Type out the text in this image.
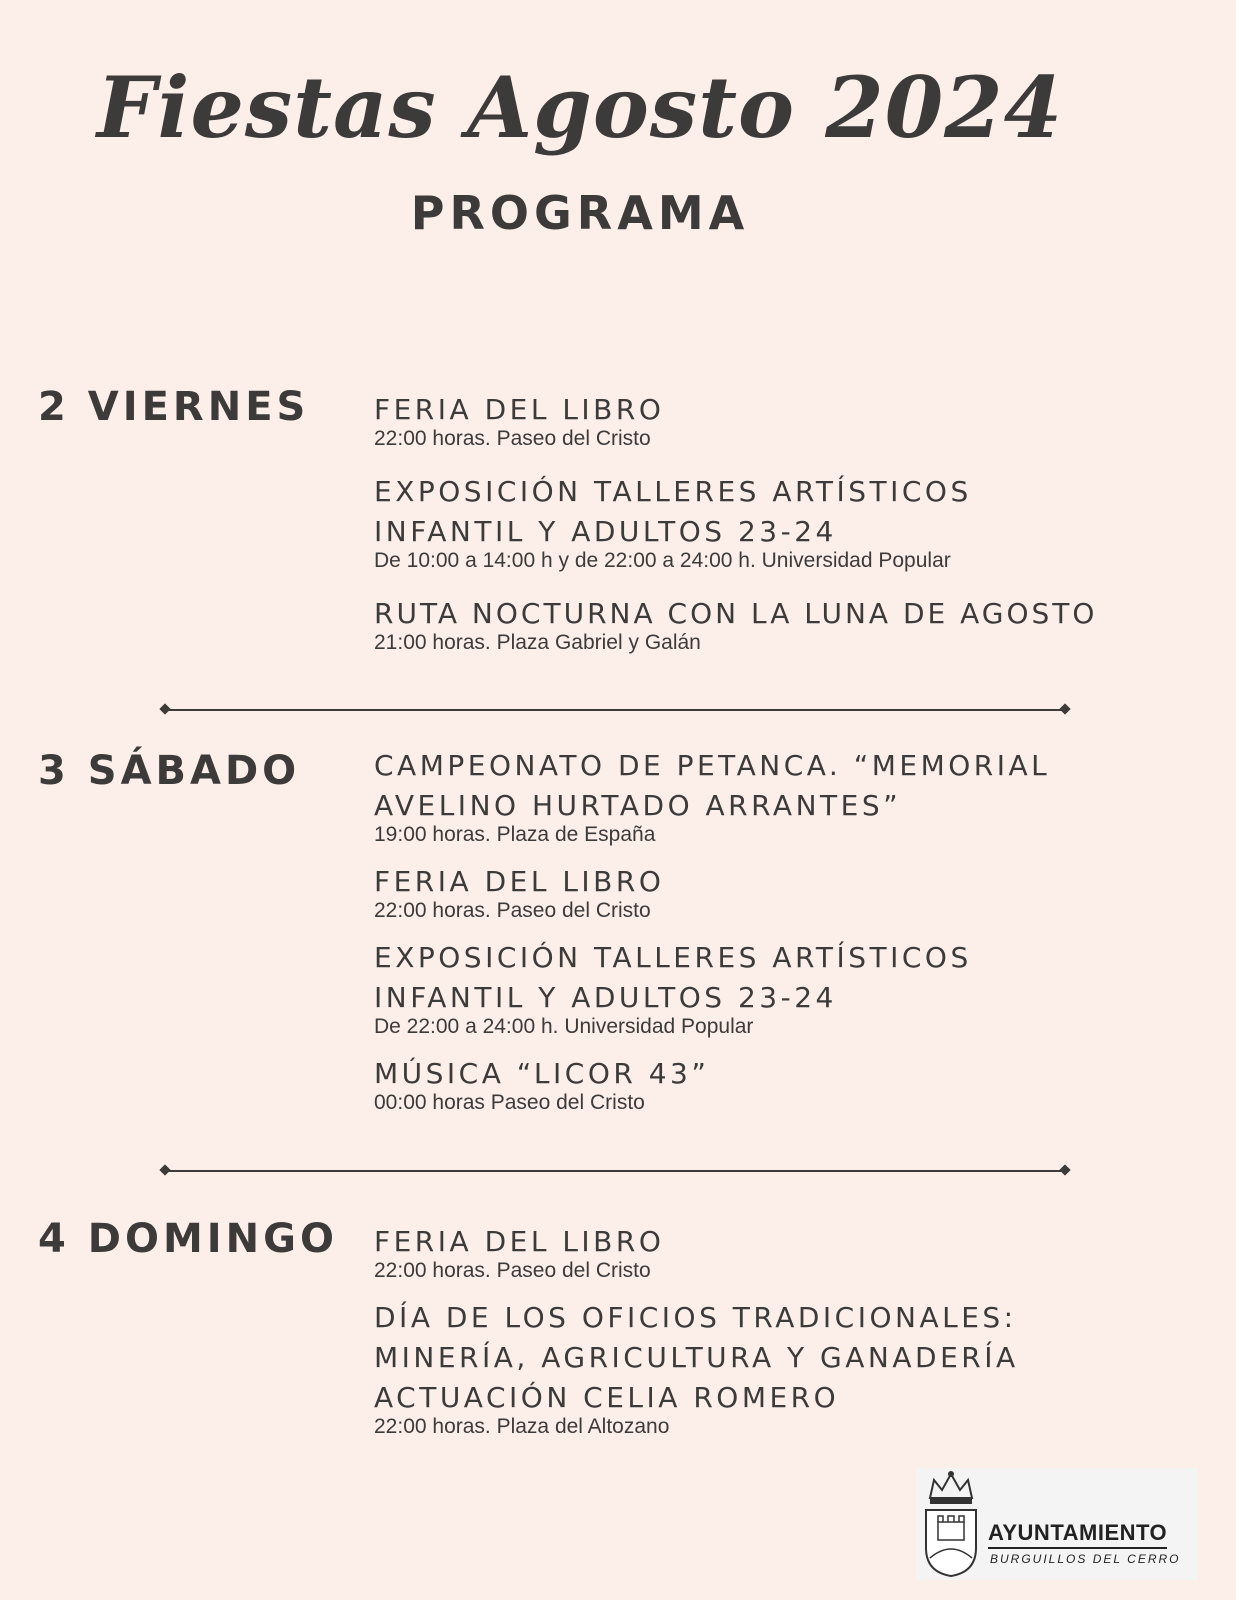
Fiestas Agosto 2024
PROGRAMA
2 VIERNES FERIA DEL LIBRO
22:00 horas. Paseo del Cristo
EXPOSICIÓN TALLERES ARTÍSTICOS INFANTIL Y ADULTOS 23-24
De 10:00 a 14:00 h y de 22:00 a 24:00 h. Universidad Popular
RUTA NOCTURNA CON LA LUNA DE AGOSTO
21:00 horas. Plaza Gabriel y Galán
3 SÁBADO	CAMPEONATO DE PETANCA. “MEMORIAL AVELINO HURTADO ARRANTES”
19:00 horas. Plaza de España
FERIA DEL LIBRO
22:00 horas. Paseo del Cristo
EXPOSICIÓN TALLERES ARTÍSTICOS INFANTIL Y ADULTOS 23-24
De 22:00 a 24:00 h. Universidad Popular
MÚSICA “LICOR 43”
00:00 horas Paseo del Cristo
4 DOMINGO FERIA DEL LIBRO
22:00 horas. Paseo del Cristo
DÍA DE LOS OFICIOS TRADICIONALES: MINERÍA, AGRICULTURA Y GANADERÍA ACTUACIÓN CELIA ROMERO
22:00 horas. Plaza del Altozano
AYUNTAMIENTO
BURGUILLOS DEL CERRO
